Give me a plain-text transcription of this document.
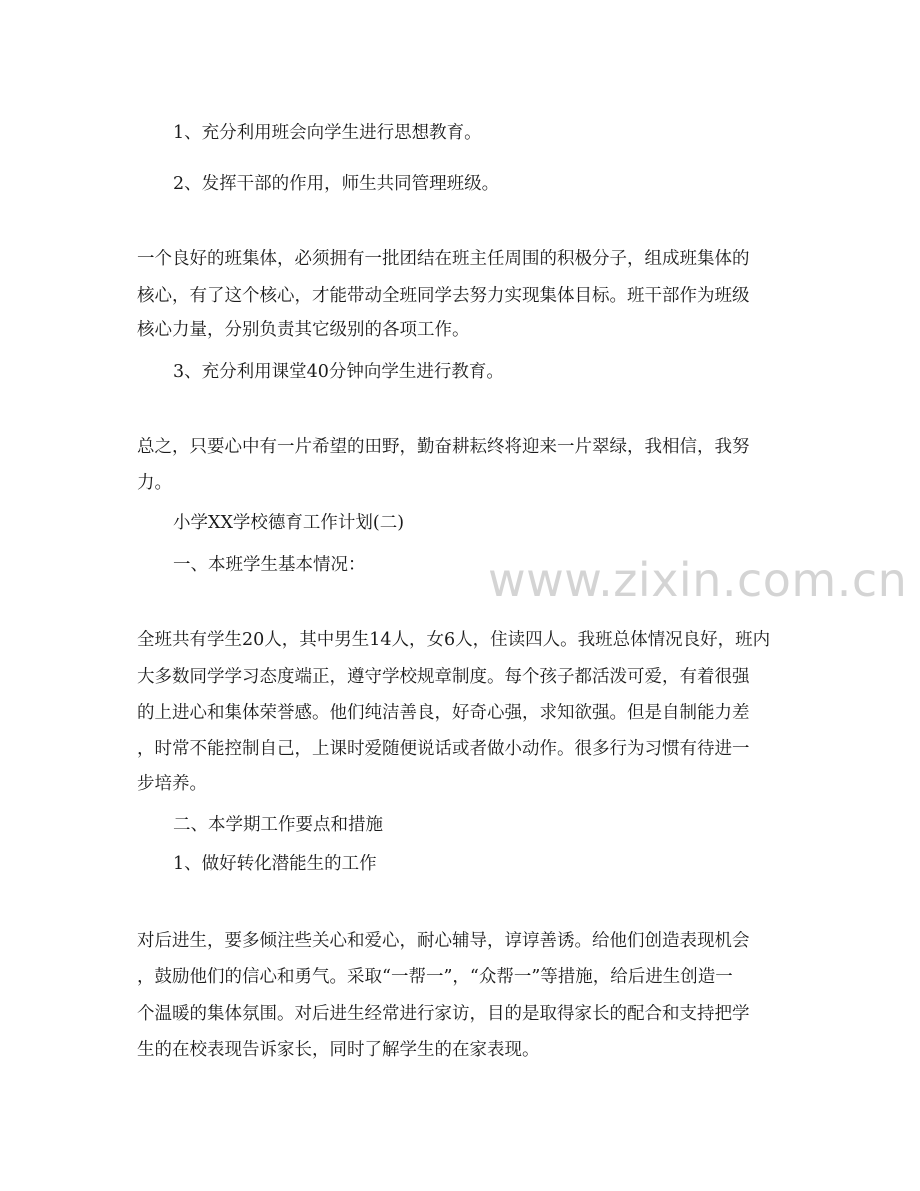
1、充分利用班会向学生进行思想教育。

2、发挥干部的作用，师生共同管理班级。

一个良好的班集体，必须拥有一批团结在班主任周围的积极分子，组成班集体的

核心，有了这个核心，才能带动全班同学去努力实现集体目标。班干部作为班级

核心力量，分别负责其它级别的各项工作。

3、充分利用课堂40分钟向学生进行教育。

总之，只要心中有一片希望的田野，勤奋耕耘终将迎来一片翠绿，我相信，我努

力。

小学XX学校德育工作计划(二)

一、本班学生基本情况：

全班共有学生20人，其中男生14人，女6人，住读四人。我班总体情况良好，班内

大多数同学学习态度端正，遵守学校规章制度。每个孩子都活泼可爱，有着很强

的上进心和集体荣誉感。他们纯洁善良，好奇心强，求知欲强。但是自制能力差

，时常不能控制自己，上课时爱随便说话或者做小动作。很多行为习惯有待进一

步培养。

二、本学期工作要点和措施

1、做好转化潜能生的工作

对后进生，要多倾注些关心和爱心，耐心辅导，谆谆善诱。给他们创造表现机会

，鼓励他们的信心和勇气。采取“一帮一”，“众帮一”等措施，给后进生创造一

个温暖的集体氛围。对后进生经常进行家访，目的是取得家长的配合和支持把学

生的在校表现告诉家长，同时了解学生的在家表现。

www.zixin.com.cn
